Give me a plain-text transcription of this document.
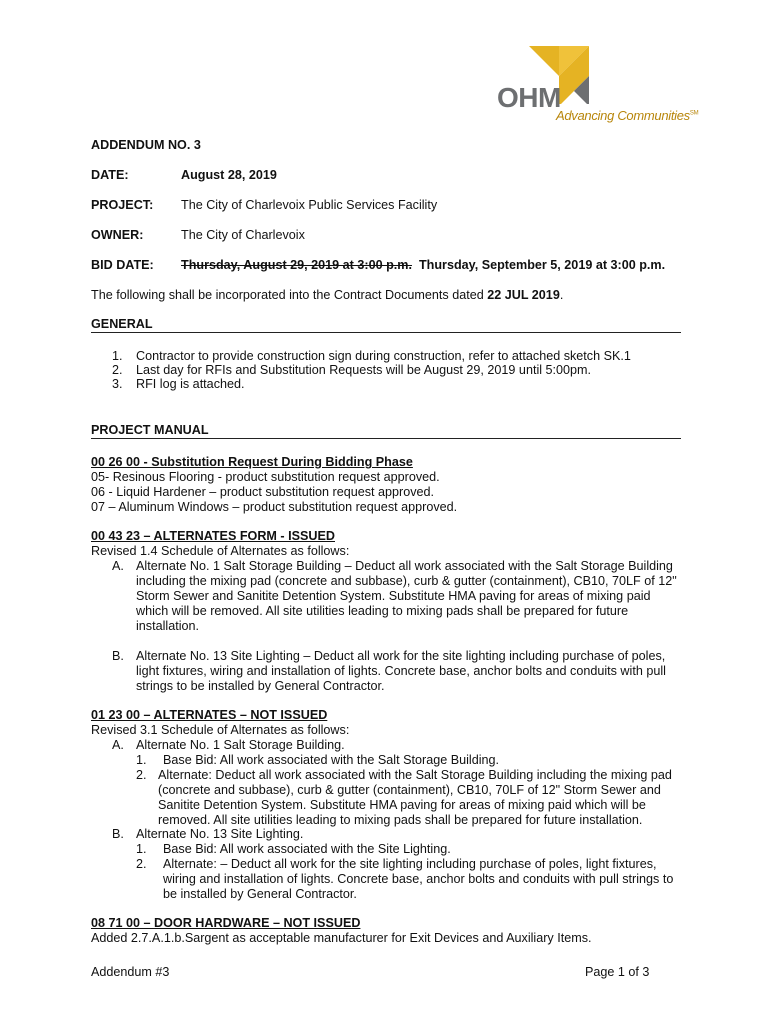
OHM
Advancing Communities℠
ADDENDUM NO. 3
DATE:	August 28, 2019
PROJECT: The City of Charlevoix Public Services Facility
OWNER:	The City of Charlevoix
BID DATE: Thursday, August 29, 2019 at 3:00 p.m. Thursday, September 5, 2019 at 3:00 p.m.
The following shall be incorporated into the Contract Documents dated 22 JUL 2019.
GENERAL
1. Contractor to provide construction sign during construction, refer to attached sketch SK.1
2. Last day for RFIs and Substitution Requests will be August 29, 2019 until 5:00pm.
3. RFI log is attached.
PROJECT MANUAL
00 26 00 - Substitution Request During Bidding Phase
05- Resinous Flooring - product substitution request approved.
06 - Liquid Hardener – product substitution request approved.
07 – Aluminum Windows – product substitution request approved.
00 43 23 – ALTERNATES FORM - ISSUED
Revised 1.4 Schedule of Alternates as follows:
A. Alternate No. 1 Salt Storage Building – Deduct all work associated with the Salt Storage Building
including the mixing pad (concrete and subbase), curb & gutter (containment), CB10, 70LF of 12"
Storm Sewer and Sanitite Detention System. Substitute HMA paving for areas of mixing paid
which will be removed. All site utilities leading to mixing pads shall be prepared for future
installation.
B. Alternate No. 13 Site Lighting – Deduct all work for the site lighting including purchase of poles,
light fixtures, wiring and installation of lights. Concrete base, anchor bolts and conduits with pull
strings to be installed by General Contractor.
01 23 00 – ALTERNATES – NOT ISSUED
Revised 3.1 Schedule of Alternates as follows:
A. Alternate No. 1 Salt Storage Building.
1. Base Bid: All work associated with the Salt Storage Building.
2. Alternate: Deduct all work associated with the Salt Storage Building including the mixing pad
(concrete and subbase), curb & gutter (containment), CB10, 70LF of 12" Storm Sewer and
Sanitite Detention System. Substitute HMA paving for areas of mixing paid which will be
removed. All site utilities leading to mixing pads shall be prepared for future installation.
B. Alternate No. 13 Site Lighting.
1. Base Bid: All work associated with the Site Lighting.
2. Alternate: – Deduct all work for the site lighting including purchase of poles, light fixtures,
wiring and installation of lights. Concrete base, anchor bolts and conduits with pull strings to
be installed by General Contractor.
08 71 00 – DOOR HARDWARE – NOT ISSUED
Added 2.7.A.1.b.Sargent as acceptable manufacturer for Exit Devices and Auxiliary Items.
Addendum #3	Page 1 of 3
